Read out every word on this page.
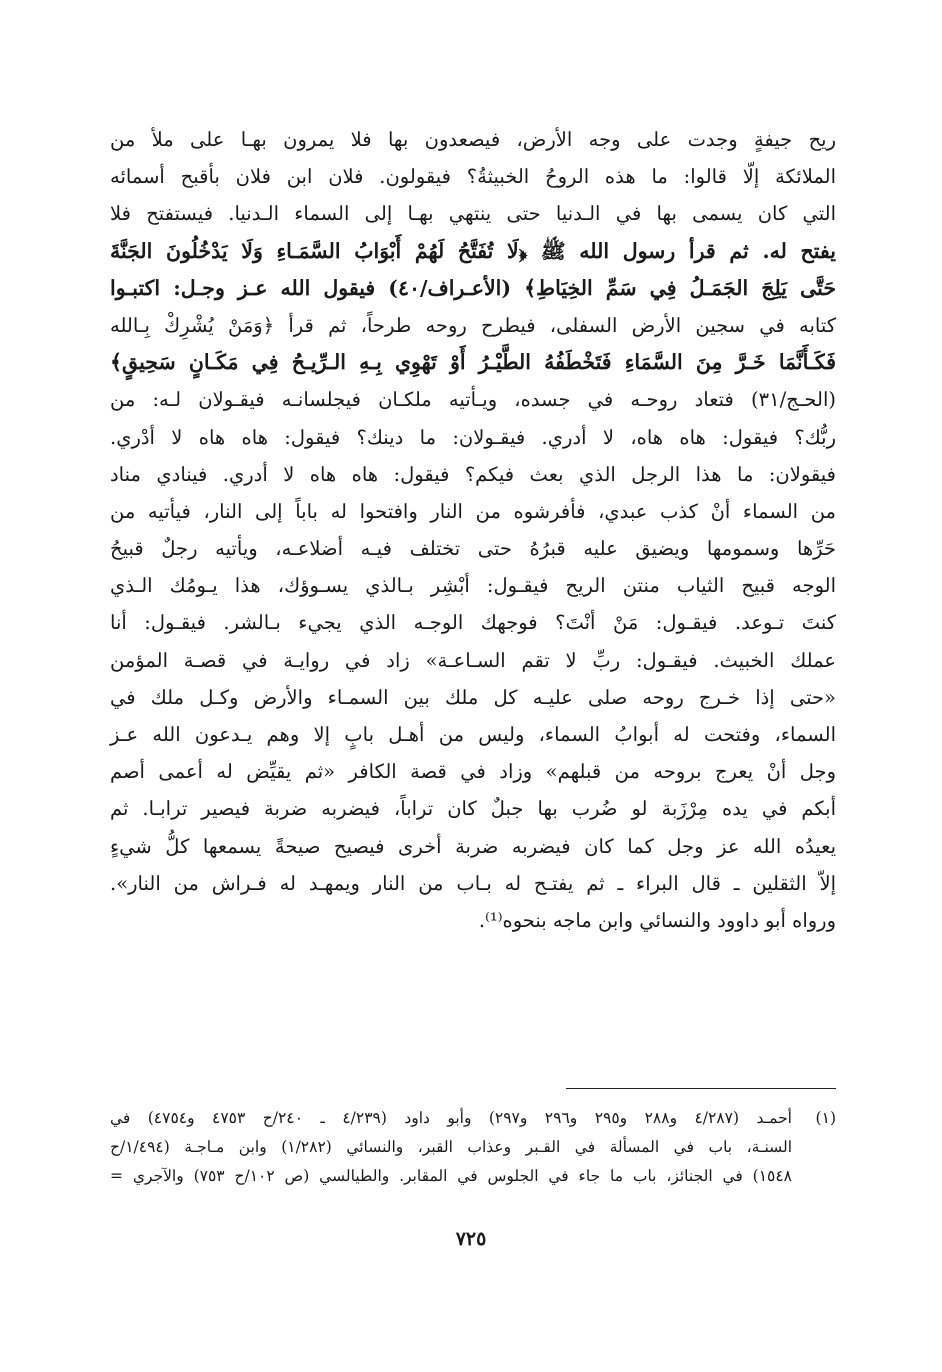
ريح جيفةٍ وجدت على وجه الأرض، فيصعدون بها فلا يمرون بهـا على ملأ من
الملائكة إلّا قالوا: ما هذه الروحُ الخبيثةُ؟ فيقولون. فلان ابن فلان بأقبح أسمائه
التي كان يسمى بها في الـدنيا حتى ينتهي بهـا إلى السماء الـدنيا. فيستفتح فلا
يفتح له. ثم قرأ رسول الله ﷺ ﴿لَا تُفَتَّحُ لَهُمْ أَبْوَابُ السَّمَـاءِ وَلَا يَدْخُلُونَ الجَنَّةَ
حَتَّى يَلِجَ الجَمَـلُ فِي سَمِّ الخِيَاطِ﴾ (الأعـراف/٤٠) فيقول الله عـز وجـل: اكتبـوا
كتابه في سجين الأرض السفلى، فيطرح روحه طرحاً، ثم قرأ ﴿وَمَنْ يُشْرِكْ بِـالله
فَكَـأَنَّمَا خَـرَّ مِنَ السَّمَاءِ فَتَخْطَفُهُ الطَّيْـرُ أَوْ تَهْوِي بِـهِ الـرِّيـحُ فِي مَكَـانٍ سَحِيقٍ﴾
(الحـج/٣١) فتعاد روحـه في جسده، ويـأتيه ملكـان فيجلسانـه فيقـولان لـه: من
ربُّك؟ فيقول: هاه هاه، لا أدري. فيقـولان: ما دينك؟ فيقول: هاه هاه لا أدْري.
فيقولان: ما هذا الرجل الذي بعث فيكم؟ فيقول: هاه هاه لا أدري. فينادي مناد
من السماء أنْ كذب عبدي، فأفرشوه من النار وافتحوا له باباً إلى النار، فيأتيه من
حَرِّها وسمومها ويضيق عليه قبرُهُ حتى تختلف فيـه أضلاعـه، ويأتيه رجلٌ قبيحُ
الوجه قبيح الثياب منتن الريح فيقـول: أبْشِر بـالذي يسـوؤك، هذا يـومُك الـذي
كنتَ تـوعد. فيقـول: مَنْ أنْتَ؟ فوجهك الوجـه الذي يجيء بـالشر. فيقـول: أنا
عملك الخبيث. فيقـول: ربِّ لا تقم السـاعـة» زاد في روايـة في قصـة المؤمن
«حتى إذا خـرج روحه صلى عليـه كل ملك بين السمـاء والأرض وكـل ملك في
السماء، وفتحت له أبوابُ السماء، وليس من أهـل بابٍ إلا وهم يـدعون الله عـز
وجل أنْ يعرج بروحه من قبلهم» وزاد في قصة الكافر «ثم يقيِّض له أعمى أصم
أبكم في يده مِرْزَبة لو ضُرب بها جبلٌ كان تراباً، فيضربه ضربة فيصير ترابـا. ثم
يعيدُه الله عز وجل كما كان فيضربه ضربة أخرى فيصيح صيحةً يسمعها كلُّ شيءٍ
إلاّ الثقلين ـ قال البراء ـ ثم يفتـح له بـاب من النار ويمهـد له فـراش من النار».
ورواه أبو داوود والنسائي وابن ماجه بنحوه⁽¹⁾.
(١)
أحمـد (٤/٢٨٧ و٢٨٨ و٢٩٥ و٢٩٦ و٢٩٧) وأبو داود (٤/٢٣٩ ـ ٢٤٠/ح ٤٧٥٣ و٤٧٥٤) في
السنـة، باب في المسألة في القـبر وعذاب القبر، والنسائي (١/٢٨٢) وابن مـاجـة (١/٤٩٤/ح
١٥٤٨) في الجنائز، باب ما جاء في الجلوس في المقابر. والطيالسي (ص ١٠٢/ح ٧٥٣) والآجري =
٧٢٥
